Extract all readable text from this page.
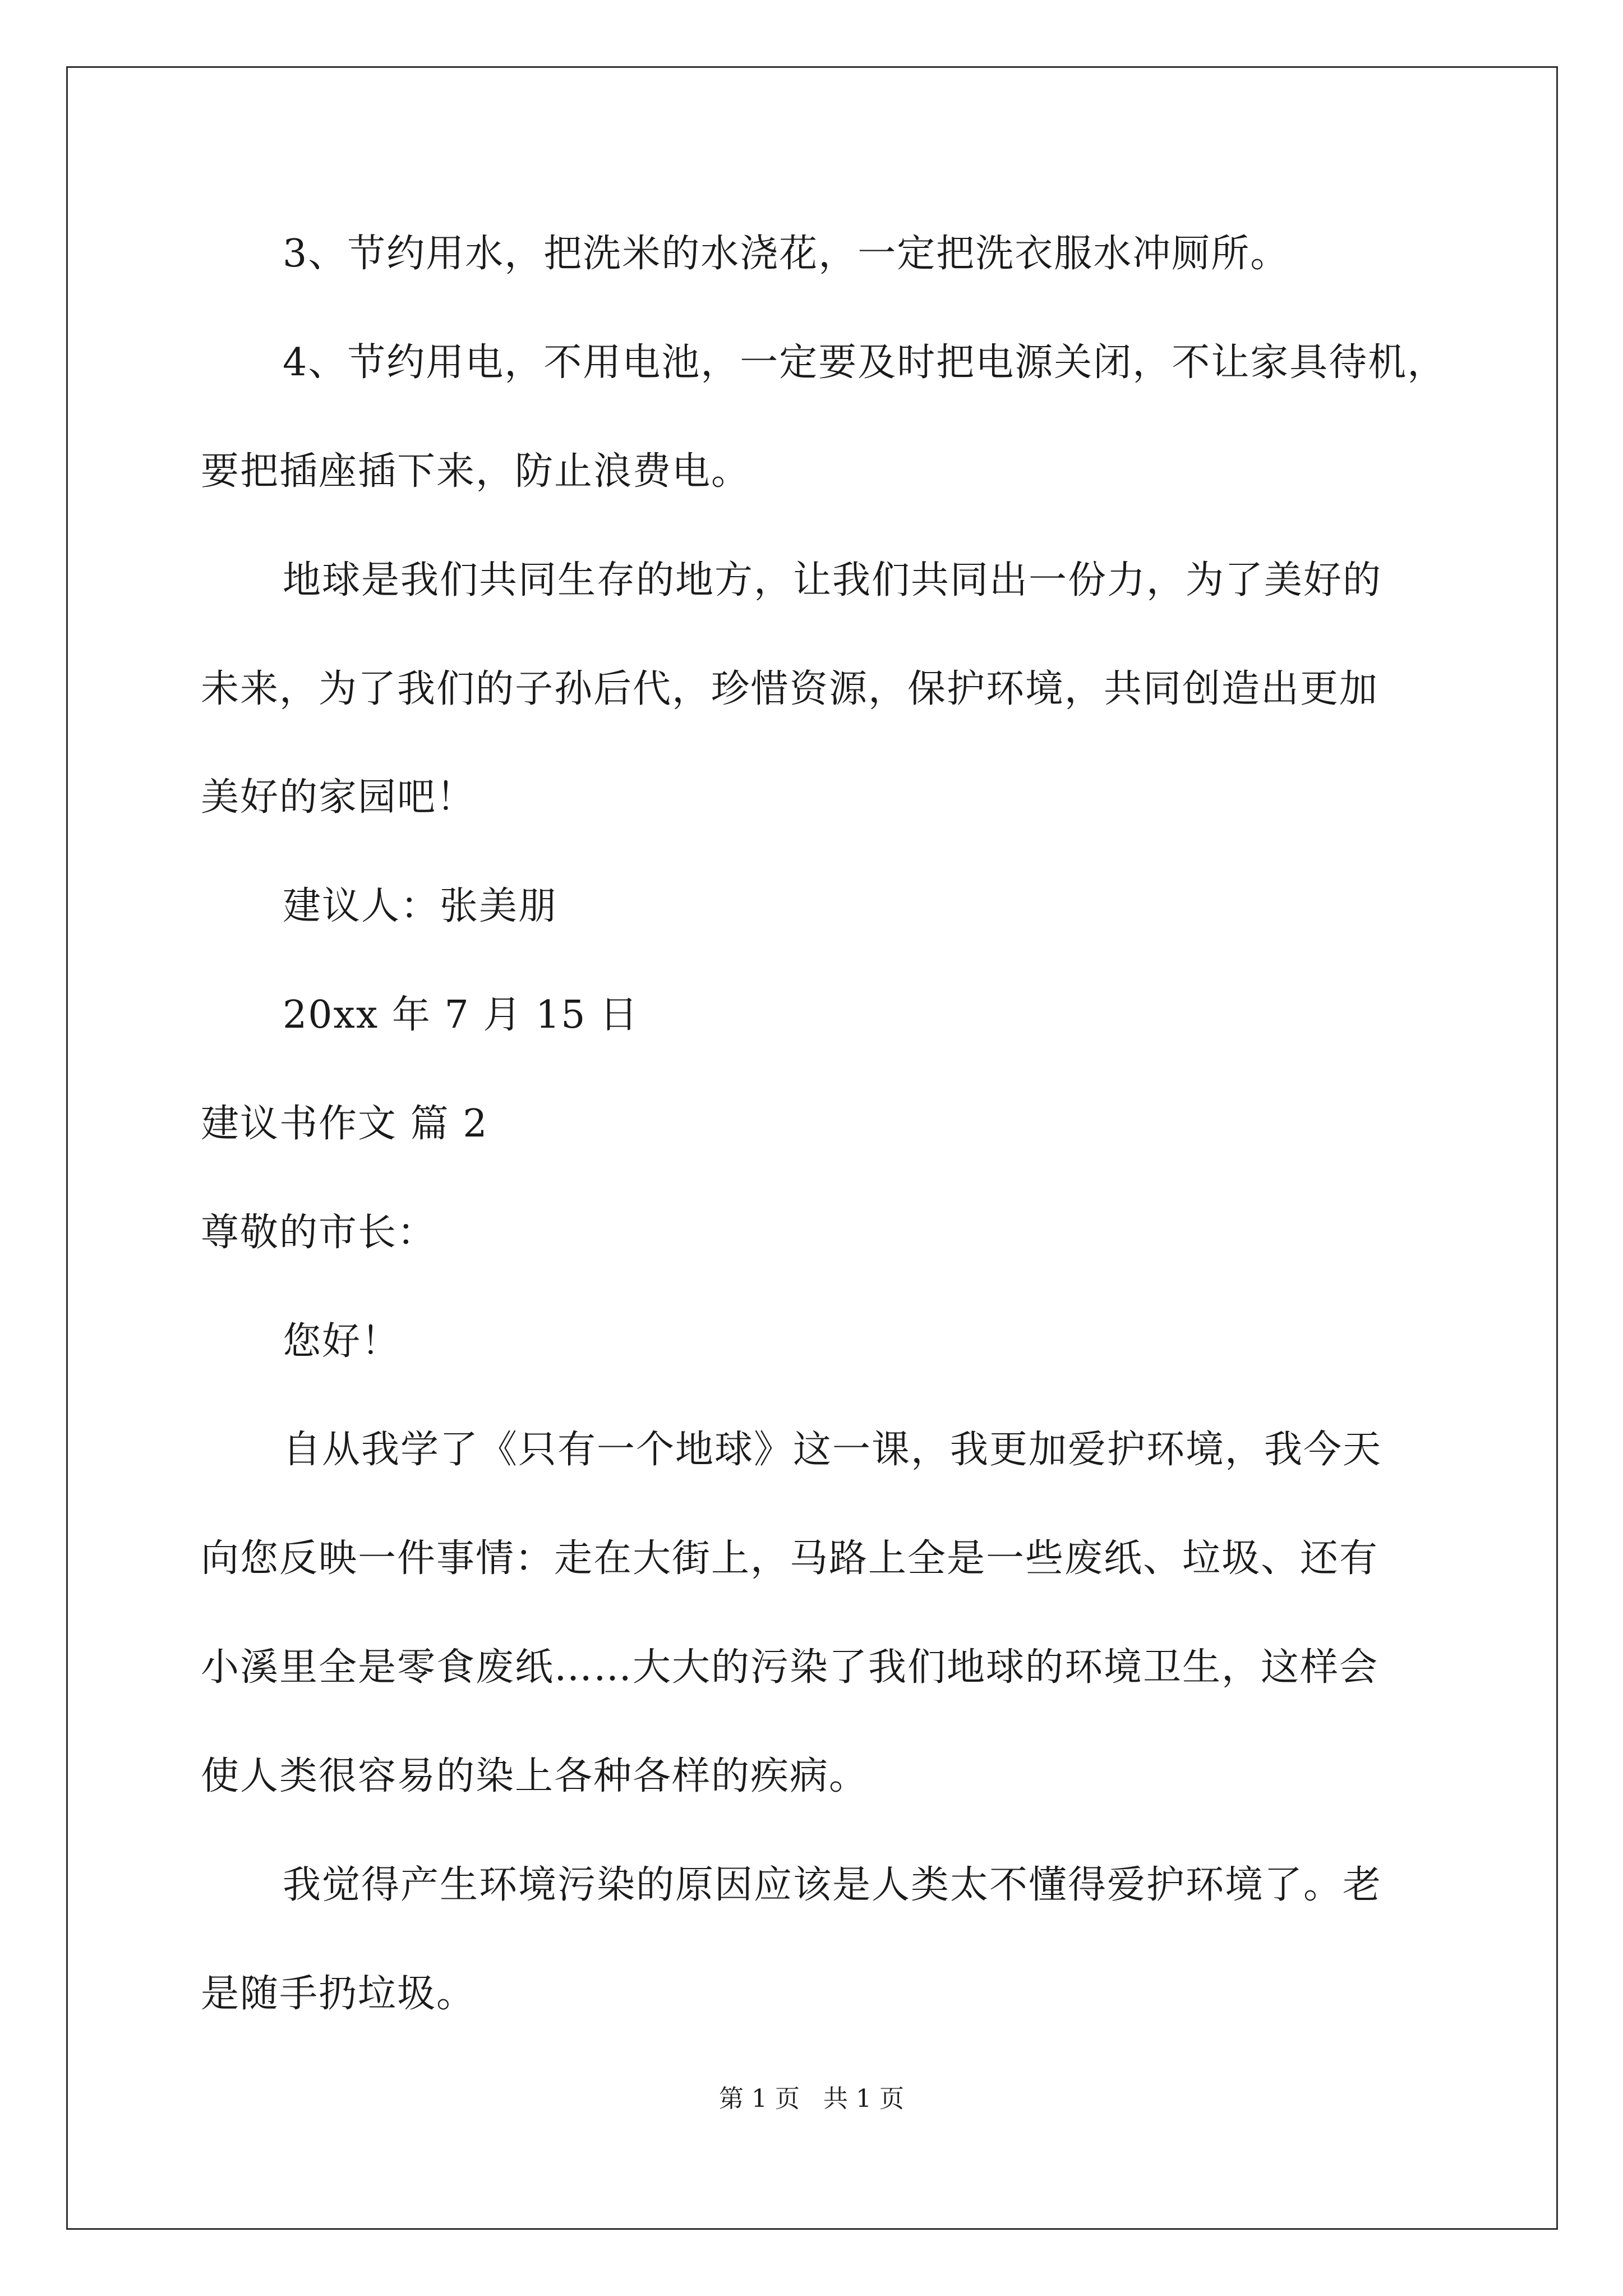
3、节约用水，把洗米的水浇花，一定把洗衣服水冲厕所。
4、节约用电，不用电池，一定要及时把电源关闭，不让家具待机，
要把插座插下来，防止浪费电。
地球是我们共同生存的地方，让我们共同出一份力，为了美好的
未来，为了我们的子孙后代，珍惜资源，保护环境，共同创造出更加
美好的家园吧！
建议人：张美朋
20xx 年 7 月 15 日
建议书作文 篇 2
尊敬的市长：
您好！
自从我学了《只有一个地球》这一课，我更加爱护环境，我今天
向您反映一件事情：走在大街上，马路上全是一些废纸、垃圾、还有
小溪里全是零食废纸……大大的污染了我们地球的环境卫生，这样会
使人类很容易的染上各种各样的疾病。
我觉得产生环境污染的原因应该是人类太不懂得爱护环境了。老
是随手扔垃圾。
第 1 页 共 1 页
